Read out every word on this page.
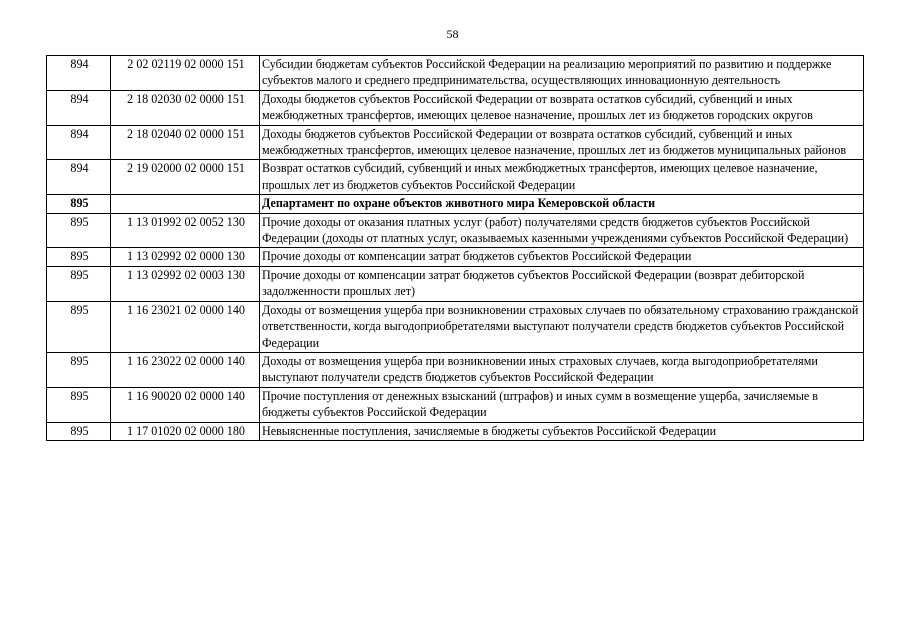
58
894	2 02 02119 02 0000 151	Субсидии бюджетам субъектов Российской Федерации на реализацию мероприятий по развитию и поддержке субъектов малого и среднего предпринимательства, осуществляющих инновационную деятельность
894	2 18 02030 02 0000 151	Доходы бюджетов субъектов Российской Федерации от возврата остатков субсидий, субвенций и иных межбюджетных трансфертов, имеющих целевое назначение, прошлых лет из бюджетов городских округов
894	2 18 02040 02 0000 151	Доходы бюджетов субъектов Российской Федерации от возврата остатков субсидий, субвенций и иных межбюджетных трансфертов, имеющих целевое назначение, прошлых лет из бюджетов муниципальных районов
894	2 19 02000 02 0000 151	Возврат остатков субсидий, субвенций и иных межбюджетных трансфертов, имеющих целевое назначение, прошлых лет из бюджетов субъектов Российской Федерации
895		Департамент по охране объектов животного мира Кемеровской области
895	1 13 01992 02 0052 130	Прочие доходы от оказания платных услуг (работ) получателями средств бюджетов субъектов Российской Федерации (доходы от платных услуг, оказываемых казенными учреждениями субъектов Российской Федерации)
895	1 13 02992 02 0000 130	Прочие доходы от компенсации затрат бюджетов субъектов Российской Федерации
895	1 13 02992 02 0003 130	Прочие доходы от компенсации затрат бюджетов субъектов Российской Федерации (возврат дебиторской задолженности прошлых лет)
895	1 16 23021 02 0000 140	Доходы от возмещения ущерба при возникновении страховых случаев по обязательному страхованию гражданской ответственности, когда выгодоприобретателями выступают получатели средств бюджетов субъектов Российской Федерации
895	1 16 23022 02 0000 140	Доходы от возмещения ущерба при возникновении иных страховых случаев, когда выгодоприобретателями выступают получатели средств бюджетов субъектов Российской Федерации
895	1 16 90020 02 0000 140	Прочие поступления от денежных взысканий (штрафов) и иных сумм в возмещение ущерба, зачисляемые в бюджеты субъектов Российской Федерации
895	1 17 01020 02 0000 180	Невыясненные поступления, зачисляемые в бюджеты субъектов Российской Федерации
